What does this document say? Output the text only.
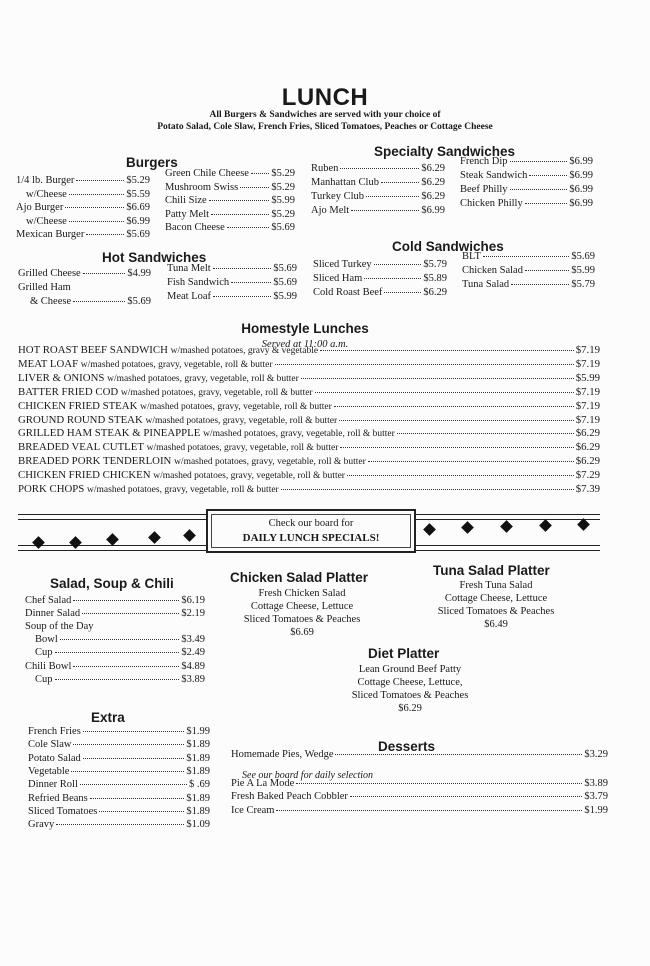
LUNCH
All Burgers & Sandwiches are served with your choice of
Potato Salad, Cole Slaw, French Fries, Sliced Tomatoes, Peaches or Cottage Cheese
Burgers
1/4 lb. Burger	$5.29
w/Cheese	$5.59
Ajo Burger	$6.69
w/Cheese	$6.99
Mexican Burger	$5.69
Green Chile Cheese $5.29
Mushroom Swiss	$5.29
Chili Size	$5.99
Patty Melt	$5.29
Bacon Cheese	$5.69
Specialty Sandwiches
Ruben	$6.29
Manhattan Club	$6.29
Turkey Club	$6.29
Ajo Melt	$6.99
French Dip	$6.99
Steak Sandwich	$6.99
Beef Philly	$6.99
Chicken Philly	$6.99
Hot Sandwiches
Grilled Cheese	$4.99
Grilled Ham
& Cheese	$5.69
Tuna Melt	$5.69
Fish Sandwich	$5.69
Meat Loaf	$5.99
Cold Sandwiches
Sliced Turkey	$5.79
Sliced Ham	$5.89
Cold Roast Beef	$6.29
BLT	$5.69
Chicken Salad	$5.99
Tuna Salad	$5.79
Homestyle Lunches
Served at 11:00 a.m.
HOT ROAST BEEF SANDWICH
w/mashed potatoes, gravy & vegetable	$7.19
MEAT LOAF
w/mashed potatoes, gravy, vegetable, roll & butter	$7.19
LIVER & ONIONS
w/mashed potatoes, gravy, vegetable, roll & butter	$5.99
BATTER FRIED COD
w/mashed potatoes, gravy, vegetable, roll & butter	$7.19
CHICKEN FRIED STEAK
w/mashed potatoes, gravy, vegetable, roll & butter	$7.19
GROUND ROUND STEAK
w/mashed potatoes, gravy, vegetable, roll & butter	$7.19
GRILLED HAM STEAK & PINEAPPLE
w/mashed potatoes, gravy, vegetable, roll & butter	$6.29
BREADED VEAL CUTLET
w/mashed potatoes, gravy, vegetable, roll & butter	$6.29
BREADED PORK TENDERLOIN
w/mashed potatoes, gravy, vegetable, roll & butter	$6.29
CHICKEN FRIED CHICKEN
w/mashed potatoes, gravy, vegetable, roll & butter	$7.29
PORK CHOPS
w/mashed potatoes, gravy, vegetable, roll & butter	$7.39
Check our board for
DAILY LUNCH SPECIALS!
Salad, Soup & Chili
Chef Salad	$6.19
Dinner Salad	$2.19
Soup of the Day
Bowl	$3.49
Cup	$2.49
Chili Bowl	$4.89
Cup	$3.89
Chicken Salad Platter
Fresh Chicken Salad
Cottage Cheese, Lettuce
Sliced Tomatoes & Peaches
$6.69
Tuna Salad Platter
Fresh Tuna Salad
Cottage Cheese, Lettuce
Sliced Tomatoes & Peaches
$6.49
Diet Platter
Lean Ground Beef Patty
Cottage Cheese, Lettuce,
Sliced Tomatoes & Peaches
$6.29
Extra
French Fries	$1.99
Cole Slaw	$1.89
Potato Salad	$1.89
Vegetable	$1.89
Dinner Roll	$ .69
Refried Beans	$1.89
Sliced Tomatoes	$1.89
Gravy	$1.09
Desserts
Homemade Pies, Wedge	$3.29
See our board for daily selection
Pie A La Mode	$3.89
Fresh Baked Peach Cobbler	$3.79
Ice Cream	$1.99
